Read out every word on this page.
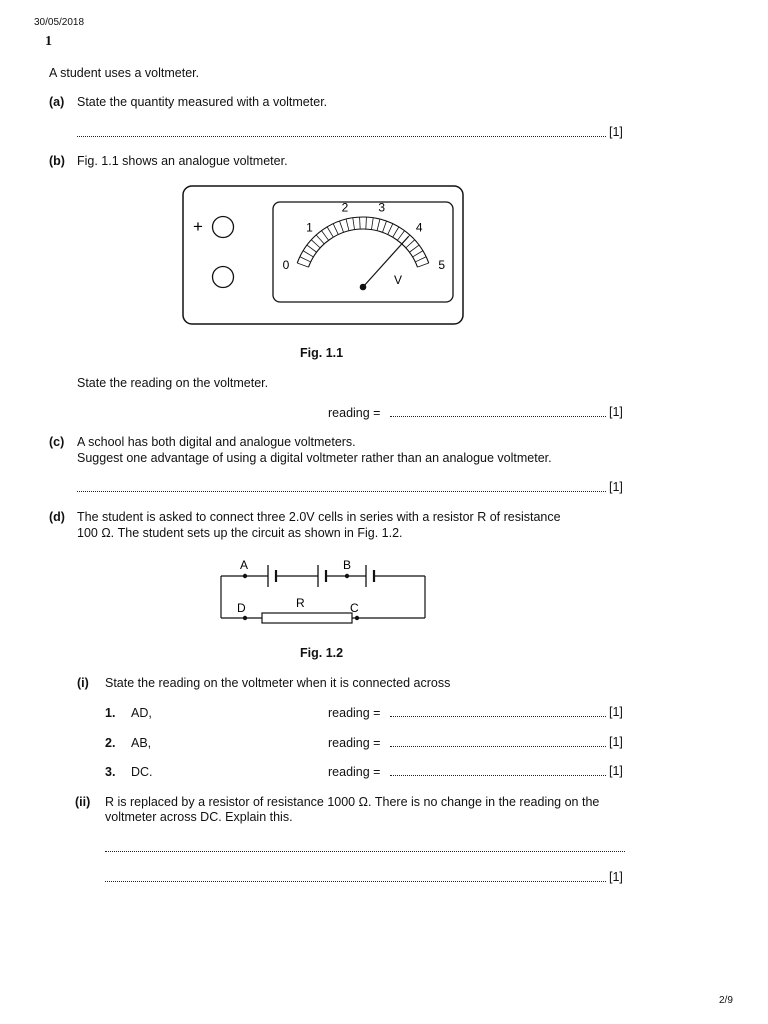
30/05/2018
1
A student uses a voltmeter.
(a) State the quantity measured with a voltmeter.
[1]
(b) Fig. 1.1 shows an analogue voltmeter.
+
0
1
2	3
4
5
V
Fig. 1.1
State the reading on the voltmeter.
reading =	[1]
(c) A school has both digital and analogue voltmeters.
Suggest one advantage of using a digital voltmeter rather than an analogue voltmeter.
[1]
(d) The student is asked to connect three 2.0V cells in series with a resistor R of resistance
100 Ω. The student sets up the circuit as shown in Fig. 1.2.
A	B
D	C
R
Fig. 1.2
(i) State the reading on the voltmeter when it is connected across
1. AD,	reading =	[1]
2. AB,	reading =	[1]
3. DC.	reading =	[1]
(ii) R is replaced by a resistor of resistance 1000 Ω. There is no change in the reading on the
voltmeter across DC. Explain this.
[1]
2/9
